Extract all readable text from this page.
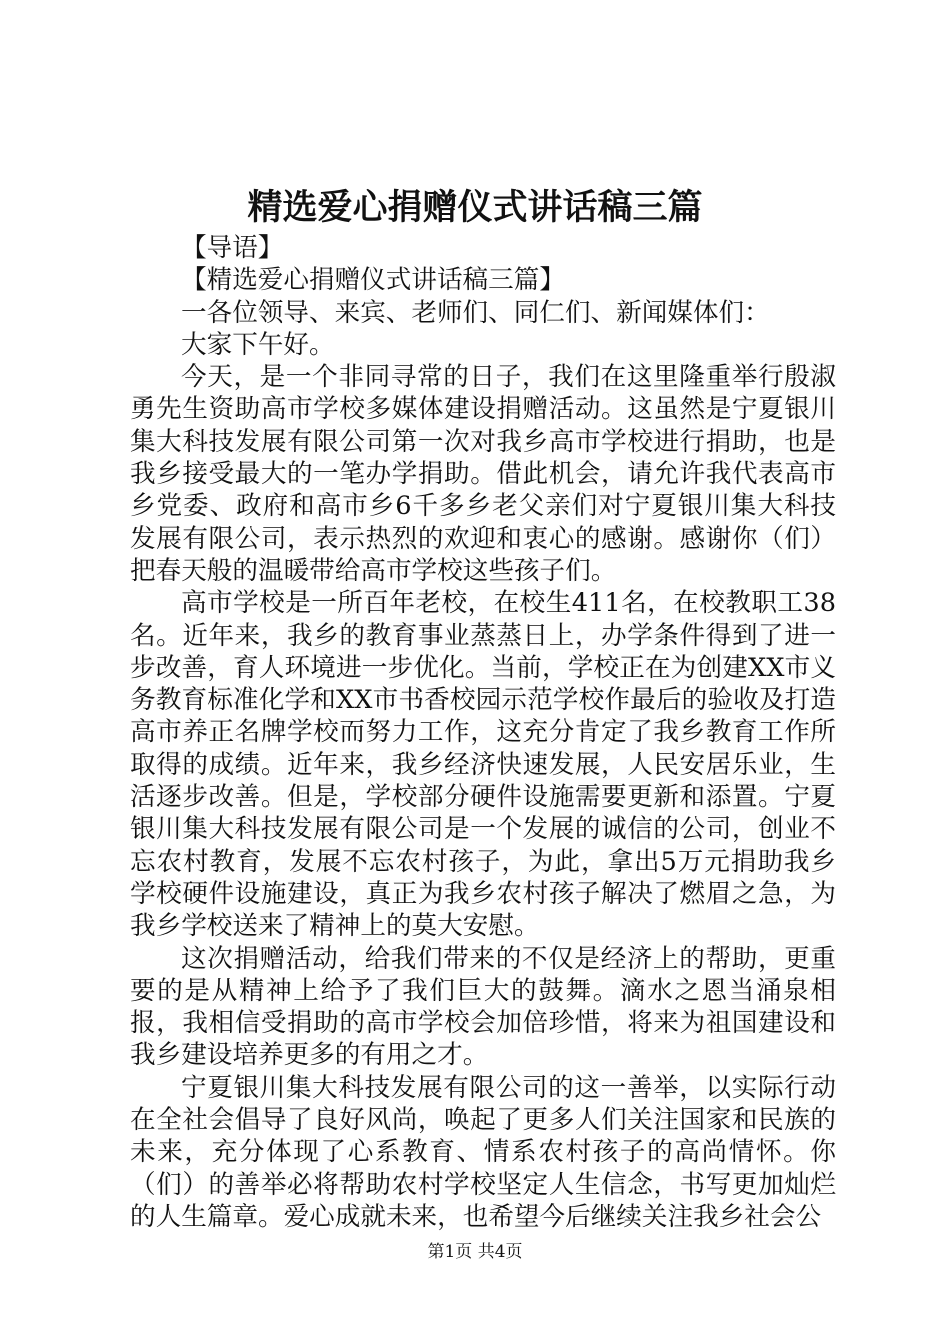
精选爱心捐赠仪式讲话稿三篇

【导语】

【精选爱心捐赠仪式讲话稿三篇】

一各位领导、来宾、老师们、同仁们、新闻媒体们：

大家下午好。

今天，是一个非同寻常的日子，我们在这里隆重举行殷淑勇先生资助高市学校多媒体建设捐赠活动。这虽然是宁夏银川集大科技发展有限公司第一次对我乡高市学校进行捐助，也是我乡接受最大的一笔办学捐助。借此机会，请允许我代表高市乡党委、政府和高市乡6千多乡老父亲们对宁夏银川集大科技发展有限公司，表示热烈的欢迎和衷心的感谢。感谢你（们）把春天般的温暖带给高市学校这些孩子们。

高市学校是一所百年老校，在校生411名，在校教职工38名。近年来，我乡的教育事业蒸蒸日上，办学条件得到了进一步改善，育人环境进一步优化。当前，学校正在为创建XX市义务教育标准化学和XX市书香校园示范学校作最后的验收及打造高市养正名牌学校而努力工作，这充分肯定了我乡教育工作所取得的成绩。近年来，我乡经济快速发展，人民安居乐业，生活逐步改善。但是，学校部分硬件设施需要更新和添置。宁夏银川集大科技发展有限公司是一个发展的诚信的公司，创业不忘农村教育，发展不忘农村孩子，为此，拿出5万元捐助我乡学校硬件设施建设，真正为我乡农村孩子解决了燃眉之急，为我乡学校送来了精神上的莫大安慰。

这次捐赠活动，给我们带来的不仅是经济上的帮助，更重要的是从精神上给予了我们巨大的鼓舞。滴水之恩当涌泉相报，我相信受捐助的高市学校会加倍珍惜，将来为祖国建设和我乡建设培养更多的有用之才。

宁夏银川集大科技发展有限公司的这一善举，以实际行动在全社会倡导了良好风尚，唤起了更多人们关注国家和民族的未来，充分体现了心系教育、情系农村孩子的高尚情怀。你（们）的善举必将帮助农村学校坚定人生信念，书写更加灿烂的人生篇章。爱心成就未来，也希望今后继续关注我乡社会公

第1页 共4页
